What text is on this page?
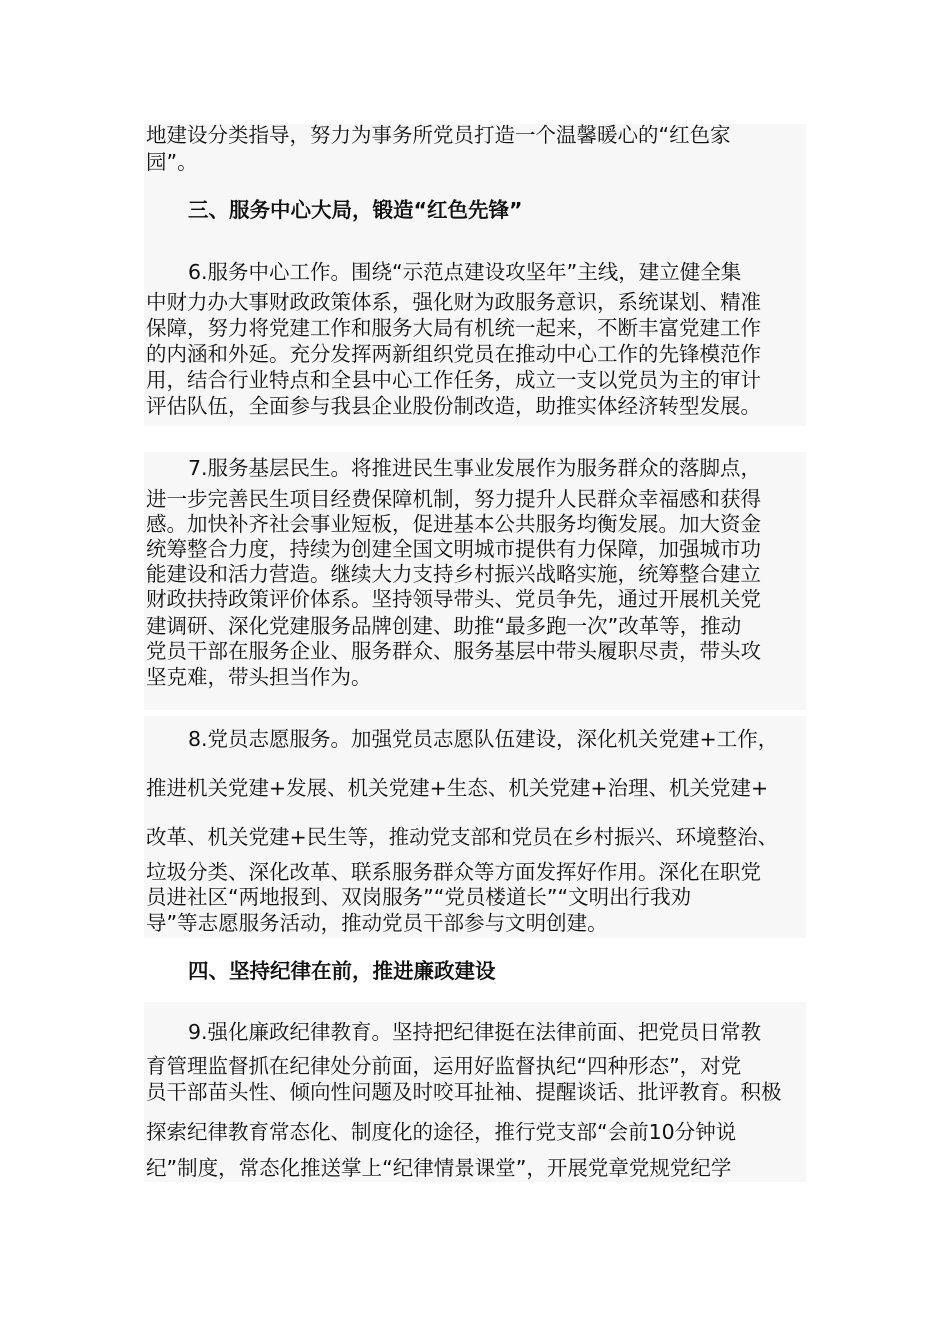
地建设分类指导，努力为事务所党员打造一个温馨暖心的“红色家
园”。
三、服务中心大局，锻造“红色先锋”
6.服务中心工作。围绕“示范点建设攻坚年”主线，建立健全集
中财力办大事财政政策体系，强化财为政服务意识，系统谋划、精准
保障，努力将党建工作和服务大局有机统一起来，不断丰富党建工作
的内涵和外延。充分发挥两新组织党员在推动中心工作的先锋模范作
用，结合行业特点和全县中心工作任务，成立一支以党员为主的审计
评估队伍，全面参与我县企业股份制改造，助推实体经济转型发展。
7.服务基层民生。将推进民生事业发展作为服务群众的落脚点，
进一步完善民生项目经费保障机制，努力提升人民群众幸福感和获得
感。加快补齐社会事业短板，促进基本公共服务均衡发展。加大资金
统筹整合力度，持续为创建全国文明城市提供有力保障，加强城市功
能建设和活力营造。继续大力支持乡村振兴战略实施，统筹整合建立
财政扶持政策评价体系。坚持领导带头、党员争先，通过开展机关党
建调研、深化党建服务品牌创建、助推“最多跑一次”改革等，推动
党员干部在服务企业、服务群众、服务基层中带头履职尽责，带头攻
坚克难，带头担当作为。
8.党员志愿服务。加强党员志愿队伍建设，深化机关党建+工作，
推进机关党建+发展、机关党建+生态、机关党建+治理、机关党建+
改革、机关党建+民生等，推动党支部和党员在乡村振兴、环境整治、
垃圾分类、深化改革、联系服务群众等方面发挥好作用。深化在职党
员进社区“两地报到、双岗服务”“党员楼道长”“文明出行我劝
导”等志愿服务活动，推动党员干部参与文明创建。
四、坚持纪律在前，推进廉政建设
9.强化廉政纪律教育。坚持把纪律挺在法律前面、把党员日常教
育管理监督抓在纪律处分前面，运用好监督执纪“四种形态”，对党
员干部苗头性、倾向性问题及时咬耳扯袖、提醒谈话、批评教育。积极
探索纪律教育常态化、制度化的途径，推行党支部“会前10分钟说
纪”制度，常态化推送掌上“纪律情景课堂”，开展党章党规党纪学
